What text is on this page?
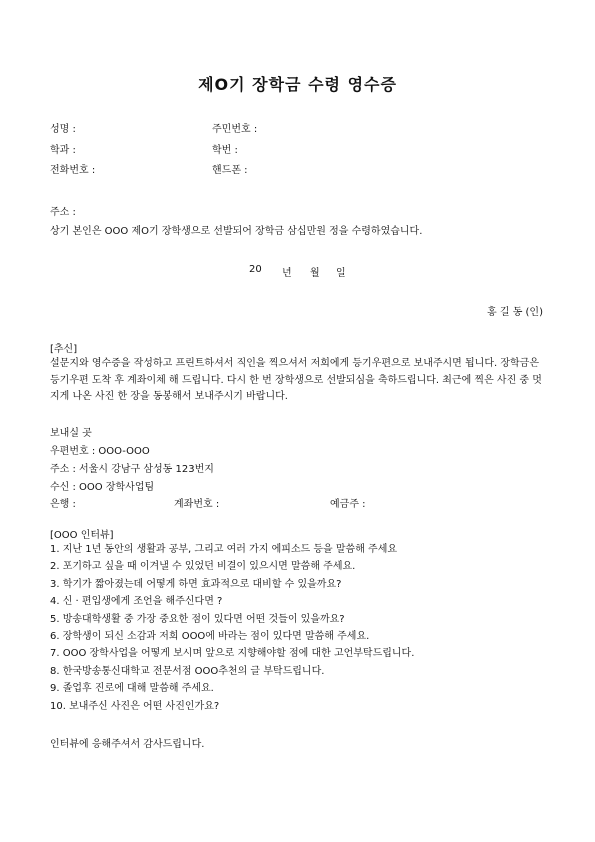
제O기 장학금 수령 영수증
성명 :	주민번호 :
학과 :	학번 :
전화번호 :	핸드폰 :
주소 :
상기 본인은 OOO 제O기 장학생으로 선발되어 장학금 삼십만원 정을 수령하였습니다.
20 년 월 일
홍 길 동 (인)
[추신]
설문지와 영수증을 작성하고 프린트하셔서 직인을 찍으셔서 저희에게 등기우편으로 보내주시면 됩니다. 장학금은 등기우편 도착 후 계좌이체 해 드립니다. 다시 한 번 장학생으로 선발되심을 축하드립니다. 최근에 찍은 사진 중 멋지게 나온 사진 한 장을 동봉해서 보내주시기 바랍니다.
보내실 곳
우편번호 : OOO-OOO
주소 : 서울시 강남구 삼성동 123번지
수신 : OOO 장학사업팀
은행 :	계좌번호 :	예금주 :
[OOO 인터뷰]
1. 지난 1년 동안의 생활과 공부, 그리고 여러 가지 에피소드 등을 말씀해 주세요
2. 포기하고 싶을 때 이겨낼 수 있었던 비결이 있으시면 말씀해 주세요.
3. 학기가 짧아졌는데 어떻게 하면 효과적으로 대비할 수 있을까요?
4. 신 · 편입생에게 조언을 해주신다면 ?
5. 방송대학생활 중 가장 중요한 점이 있다면 어떤 것들이 있을까요?
6. 장학생이 되신 소감과 저희 OOO에 바라는 점이 있다면 말씀해 주세요.
7. OOO 장학사업을 어떻게 보시며 앞으로 지향해야할 점에 대한 고언부탁드립니다.
8. 한국방송통신대학교 전문서점 OOO추천의 글 부탁드립니다.
9. 졸업후 진로에 대해 말씀해 주세요.
10. 보내주신 사진은 어떤 사진인가요?
인터뷰에 응해주셔서 감사드립니다.
